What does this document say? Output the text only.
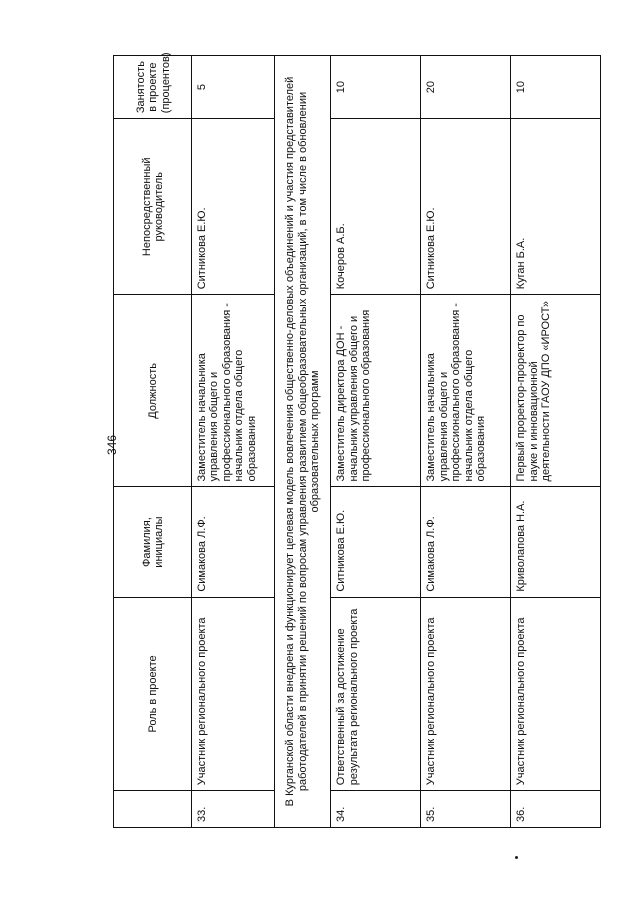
346
	Роль в проекте	Фамилия, инициалы	Должность	Непосредственный руководитель	Занятость в проекте (процентов)
33.	Участник регионального проекта	Симакова Л.Ф.	Заместитель начальника управления общего и профессионального образования - начальник отдела общего образования	Ситникова Е.Ю.	5
В Курганской области внедрена и функционирует целевая модель вовлечения общественно-деловых объединений и участия представителей работодателей в принятии решений по вопросам управления развитием общеобразовательных организаций, в том числе в обновлении образовательных программ					
34.	Ответственный за достижение результата регионального проекта	Ситникова Е.Ю.	Заместитель директора ДОН - начальник управления общего и профессионального образования	Кочеров А.Б.	10
35.	Участник регионального проекта	Симакова Л.Ф.	Заместитель начальника управления общего и профессионального образования - начальник отдела общего образования	Ситникова Е.Ю.	20
36.	Участник регионального проекта	Криволапова Н.А.	Первый проректор-проректор по науке и инновационной деятельности ГАОУ ДПО «ИРОСТ»	Куган Б.А.	10
